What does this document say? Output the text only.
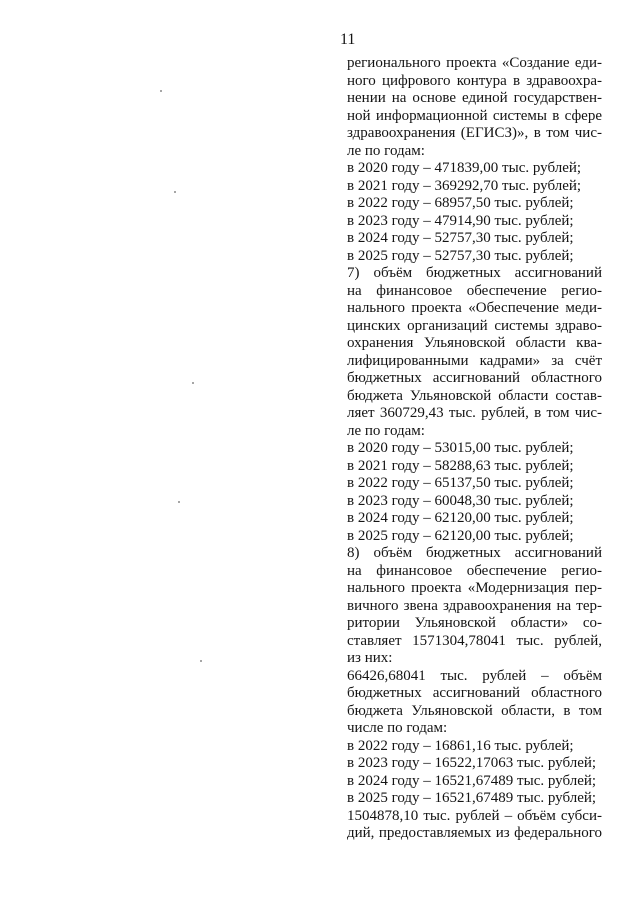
11
регионального проекта «Создание еди-
ного цифрового контура в здравоохра-
нении на основе единой государствен-
ной информационной системы в сфере
здравоохранения (ЕГИСЗ)», в том чис-
ле по годам:
в 2020 году – 471839,00 тыс. рублей;
в 2021 году – 369292,70 тыс. рублей;
в 2022 году – 68957,50 тыс. рублей;
в 2023 году – 47914,90 тыс. рублей;
в 2024 году – 52757,30 тыс. рублей;
в 2025 году – 52757,30 тыс. рублей;
7) объём бюджетных ассигнований
на финансовое обеспечение регио-
нального проекта «Обеспечение меди-
цинских организаций системы здраво-
охранения Ульяновской области ква-
лифицированными кадрами» за счёт
бюджетных ассигнований областного
бюджета Ульяновской области состав-
ляет 360729,43 тыс. рублей, в том чис-
ле по годам:
в 2020 году – 53015,00 тыс. рублей;
в 2021 году – 58288,63 тыс. рублей;
в 2022 году – 65137,50 тыс. рублей;
в 2023 году – 60048,30 тыс. рублей;
в 2024 году – 62120,00 тыс. рублей;
в 2025 году – 62120,00 тыс. рублей;
8) объём бюджетных ассигнований
на финансовое обеспечение регио-
нального проекта «Модернизация пер-
вичного звена здравоохранения на тер-
ритории Ульяновской области» со-
ставляет 1571304,78041 тыс. рублей,
из них:
66426,68041 тыс. рублей – объём
бюджетных ассигнований областного
бюджета Ульяновской области, в том
числе по годам:
в 2022 году – 16861,16 тыс. рублей;
в 2023 году – 16522,17063 тыс. рублей;
в 2024 году – 16521,67489 тыс. рублей;
в 2025 году – 16521,67489 тыс. рублей;
1504878,10 тыс. рублей – объём субси-
дий, предоставляемых из федерального
